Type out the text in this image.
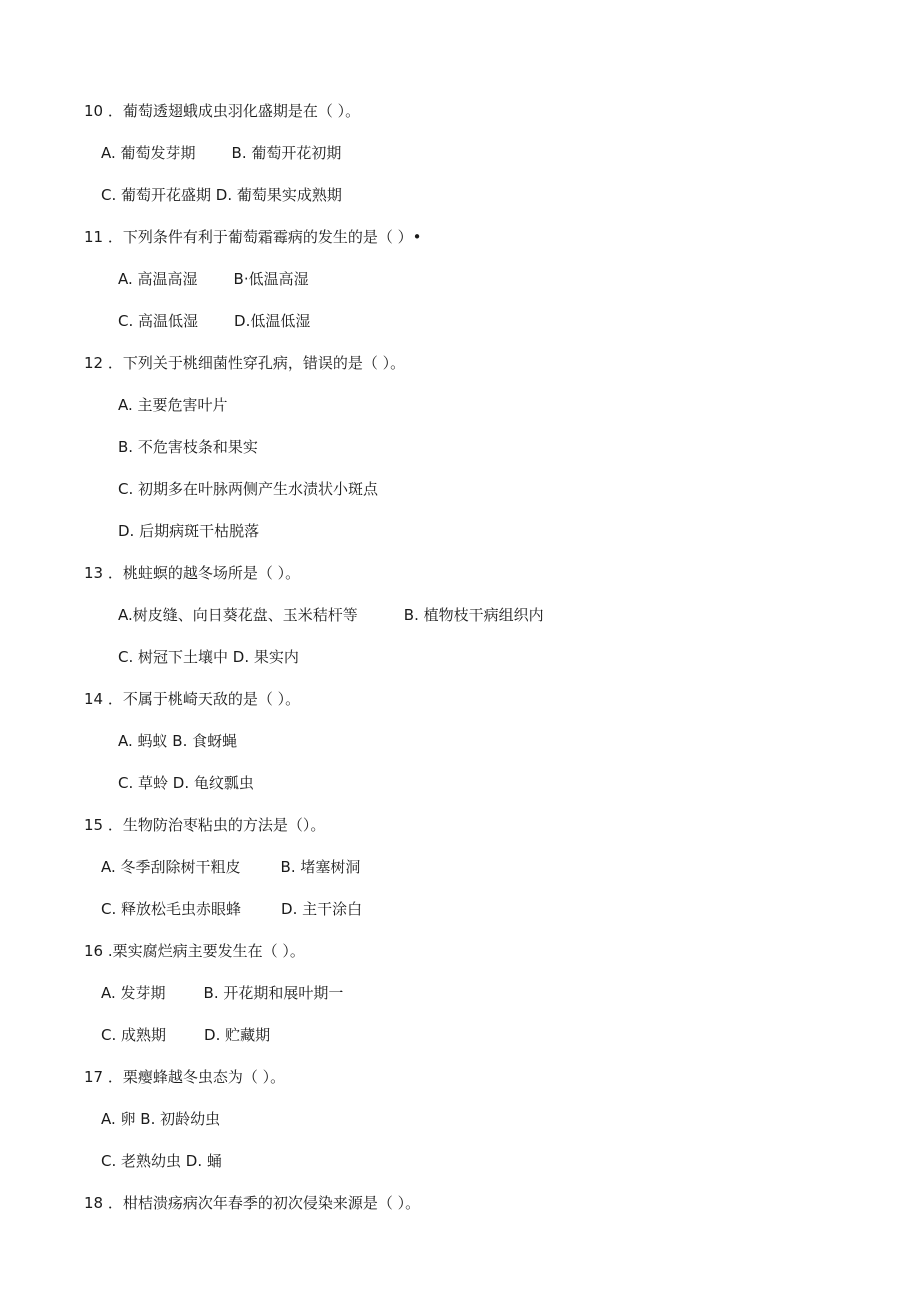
10 ．葡萄透翅蛾成虫羽化盛期是在（ ）。
A. 葡萄发芽期 B. 葡萄开花初期
C. 葡萄开花盛期 D. 葡萄果实成熟期
11 ．下列条件有利于葡萄霜霉病的发生的是（ ）•
A. 高温高湿 B·低温高湿
C. 高温低湿 D.低温低湿
12 ．下列关于桃细菌性穿孔病，错误的是（ ）。
A. 主要危害叶片
B. 不危害枝条和果实
C. 初期多在叶脉两侧产生水渍状小斑点
D. 后期病斑干枯脱落
13 ．桃蛀螟的越冬场所是（ ）。
A.树皮缝、向日葵花盘、玉米秸杆等	B. 植物枝干病组织内
C. 树冠下土壤中 D. 果实内
14 ．不属于桃崎天敌的是（ ）。
A. 蚂蚁 B. 食蚜蝇
C. 草蛉 D. 龟纹瓢虫
15 ．生物防治枣粘虫的方法是（）。
A. 冬季刮除树干粗皮	B. 堵塞树洞
C. 释放松毛虫赤眼蜂	D. 主干涂白
16 .栗实腐烂病主要发生在（ ）。
A. 发芽期	B. 开花期和展叶期一
C. 成熟期	D. 贮藏期
17 ．栗瘿蜂越冬虫态为（ ）。
A. 卵 B. 初龄幼虫
C. 老熟幼虫 D. 蛹
18 ．柑桔溃疡病次年春季的初次侵染来源是（ ）。
